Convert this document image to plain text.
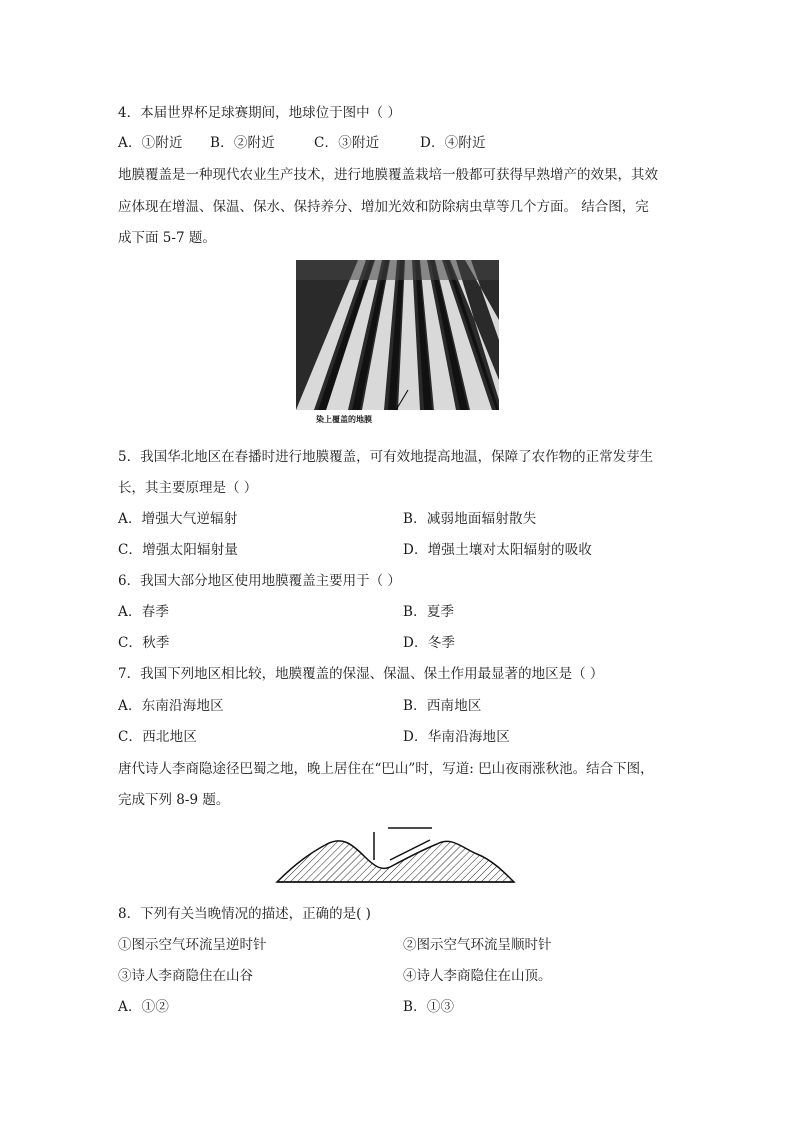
4．本届世界杯足球赛期间，地球位于图中（ ）
A．①附近 B．②附近	C．③附近	D．④附近
地膜覆盖是一种现代农业生产技术，进行地膜覆盖栽培一般都可获得早熟增产的效果，其效
应体现在增温、保温、保水、保持养分、增加光效和防除病虫草等几个方面。 结合图，完
成下面 5-7 题。
染上覆盖的地膜
5．我国华北地区在春播时进行地膜覆盖，可有效地提高地温，保障了农作物的正常发芽生
长，其主要原理是（ ）
A．增强大气逆辐射	B．减弱地面辐射散失
C．增强太阳辐射量	D．增强土壤对太阳辐射的吸收
6．我国大部分地区使用地膜覆盖主要用于（ ）
A．春季	B．夏季
C．秋季	D．冬季
7．我国下列地区相比较，地膜覆盖的保湿、保温、保土作用最显著的地区是（ ）
A．东南沿海地区	B．西南地区
C．西北地区	D．华南沿海地区
唐代诗人李商隐途径巴蜀之地，晚上居住在“巴山”时，写道: 巴山夜雨涨秋池。结合下图，
完成下列 8-9 题。
8．下列有关当晚情况的描述，正确的是( )
①图示空气环流呈逆时针	②图示空气环流呈顺时针
③诗人李商隐住在山谷	④诗人李商隐住在山顶。
A．①②	B．①③
